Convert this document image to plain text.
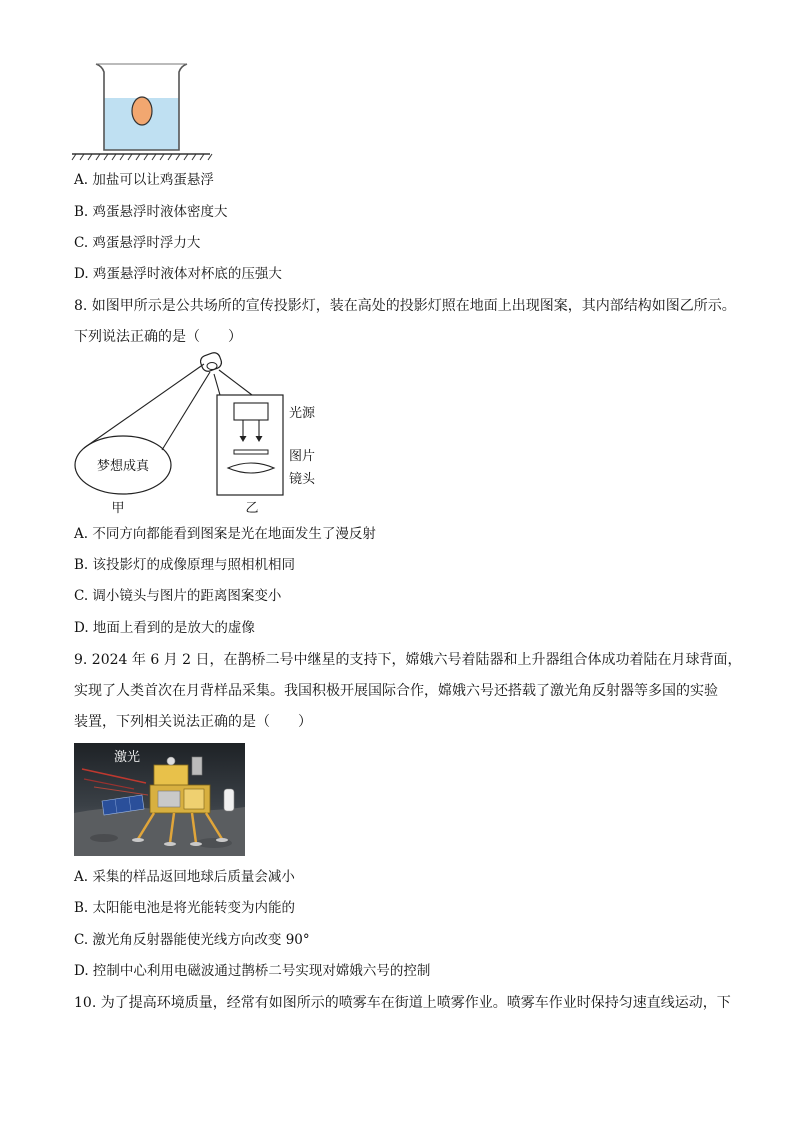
A. 加盐可以让鸡蛋悬浮
B. 鸡蛋悬浮时液体密度大
C. 鸡蛋悬浮时浮力大
D. 鸡蛋悬浮时液体对杯底的压强大
8. 如图甲所示是公共场所的宣传投影灯，装在高处的投影灯照在地面上出现图案，其内部结构如图乙所示。
下列说法正确的是（　　）
梦想成真
甲	乙
光源
图片
镜头
A. 不同方向都能看到图案是光在地面发生了漫反射
B. 该投影灯的成像原理与照相机相同
C. 调小镜头与图片的距离图案变小
D. 地面上看到的是放大的虚像
9. 2024 年 6 月 2 日，在鹊桥二号中继星的支持下，嫦娥六号着陆器和上升器组合体成功着陆在月球背面，
实现了人类首次在月背样品采集。我国积极开展国际合作，嫦娥六号还搭载了激光角反射器等多国的实验
装置，下列相关说法正确的是（　　）
激光
A. 采集的样品返回地球后质量会减小
B. 太阳能电池是将光能转变为内能的
C. 激光角反射器能使光线方向改变 90°
D. 控制中心利用电磁波通过鹊桥二号实现对嫦娥六号的控制
10. 为了提高环境质量，经常有如图所示的喷雾车在街道上喷雾作业。喷雾车作业时保持匀速直线运动，下
